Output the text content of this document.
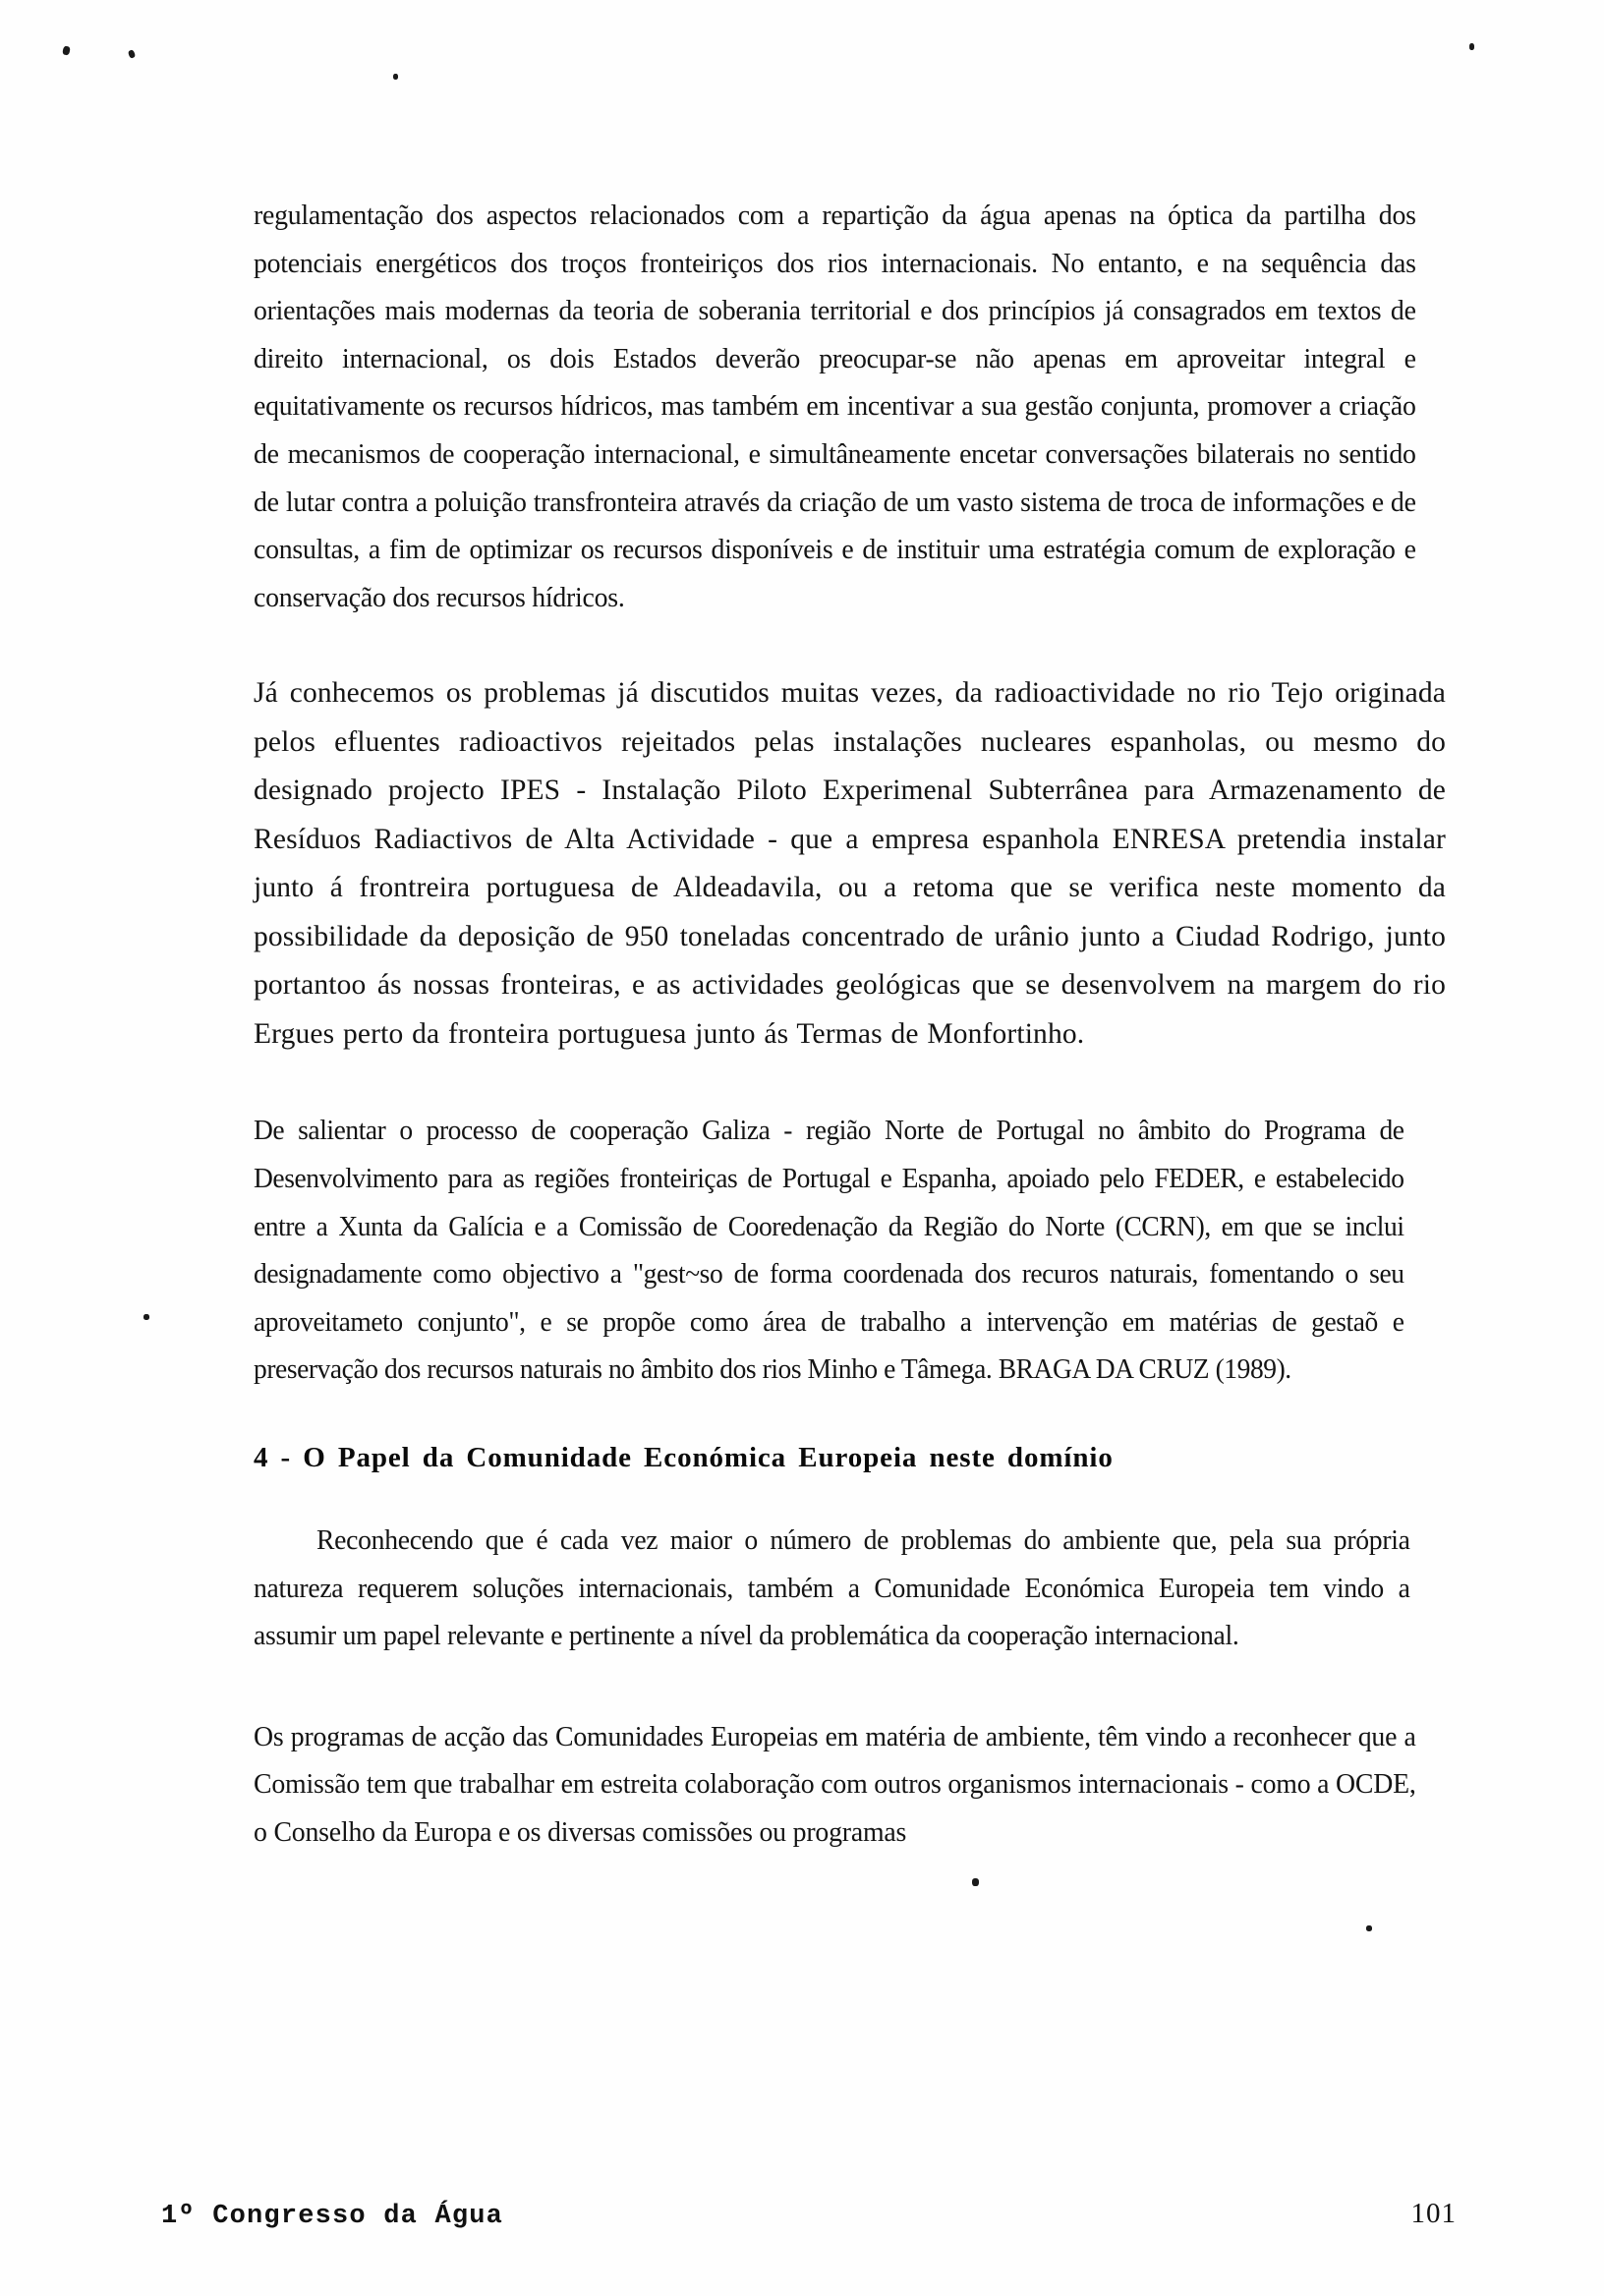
regulamentação dos aspectos relacionados com a repartição da água apenas na óptica da partilha dos potenciais energéticos dos troços fronteiriços dos rios internacionais. No entanto, e na sequência das orientações mais modernas da teoria de soberania territorial e dos princípios já consagrados em textos de direito internacional, os dois Estados deverão preocupar-se não apenas em aproveitar integral e equitativamente os recursos hídricos, mas também em incentivar a sua gestão conjunta, promover a criação de mecanismos de cooperação internacional, e simultâneamente encetar conversações bilaterais no sentido de lutar contra a poluição transfronteira através da criação de um vasto sistema de troca de informações e de consultas, a fim de optimizar os recursos disponíveis e de instituir uma estratégia comum de exploração e conservação dos recursos hídricos.

Já conhecemos os problemas já discutidos muitas vezes, da radioactividade no rio Tejo originada pelos efluentes radioactivos rejeitados pelas instalações nucleares espanholas, ou mesmo do designado projecto IPES - Instalação Piloto Experimenal Subterrânea para Armazenamento de Resíduos Radiactivos de Alta Actividade - que a empresa espanhola ENRESA pretendia instalar junto á frontreira portuguesa de Aldeadavila, ou a retoma que se verifica neste momento da possibilidade da deposição de 950 toneladas concentrado de urânio junto a Ciudad Rodrigo, junto portantoo ás nossas fronteiras, e as actividades geológicas que se desenvolvem na margem do rio Ergues perto da fronteira portuguesa junto ás Termas de Monfortinho.

De salientar o processo de cooperação Galiza - região Norte de Portugal no âmbito do Programa de Desenvolvimento para as regiões fronteiriças de Portugal e Espanha, apoiado pelo FEDER, e estabelecido entre a Xunta da Galícia e a Comissão de Cooredenação da Região do Norte (CCRN), em que se inclui designadamente como objectivo a "gest~so de forma coordenada dos recuros naturais, fomentando o seu aproveitameto conjunto", e se propõe como área de trabalho a intervenção em matérias de gestaõ e preservação dos recursos naturais no âmbito dos rios Minho e Tâmega. BRAGA DA CRUZ (1989).

4 - O Papel da Comunidade Económica Europeia neste domínio

Reconhecendo que é cada vez maior o número de problemas do ambiente que, pela sua própria natureza requerem soluções internacionais, também a Comunidade Económica Europeia tem vindo a assumir um papel relevante e pertinente a nível da problemática da cooperação internacional.

Os programas de acção das Comunidades Europeias em matéria de ambiente, têm vindo a reconhecer que a Comissão tem que trabalhar em estreita colaboração com outros organismos internacionais - como a OCDE, o Conselho da Europa e os diversas comissões ou programas

1º Congresso da Água	101
